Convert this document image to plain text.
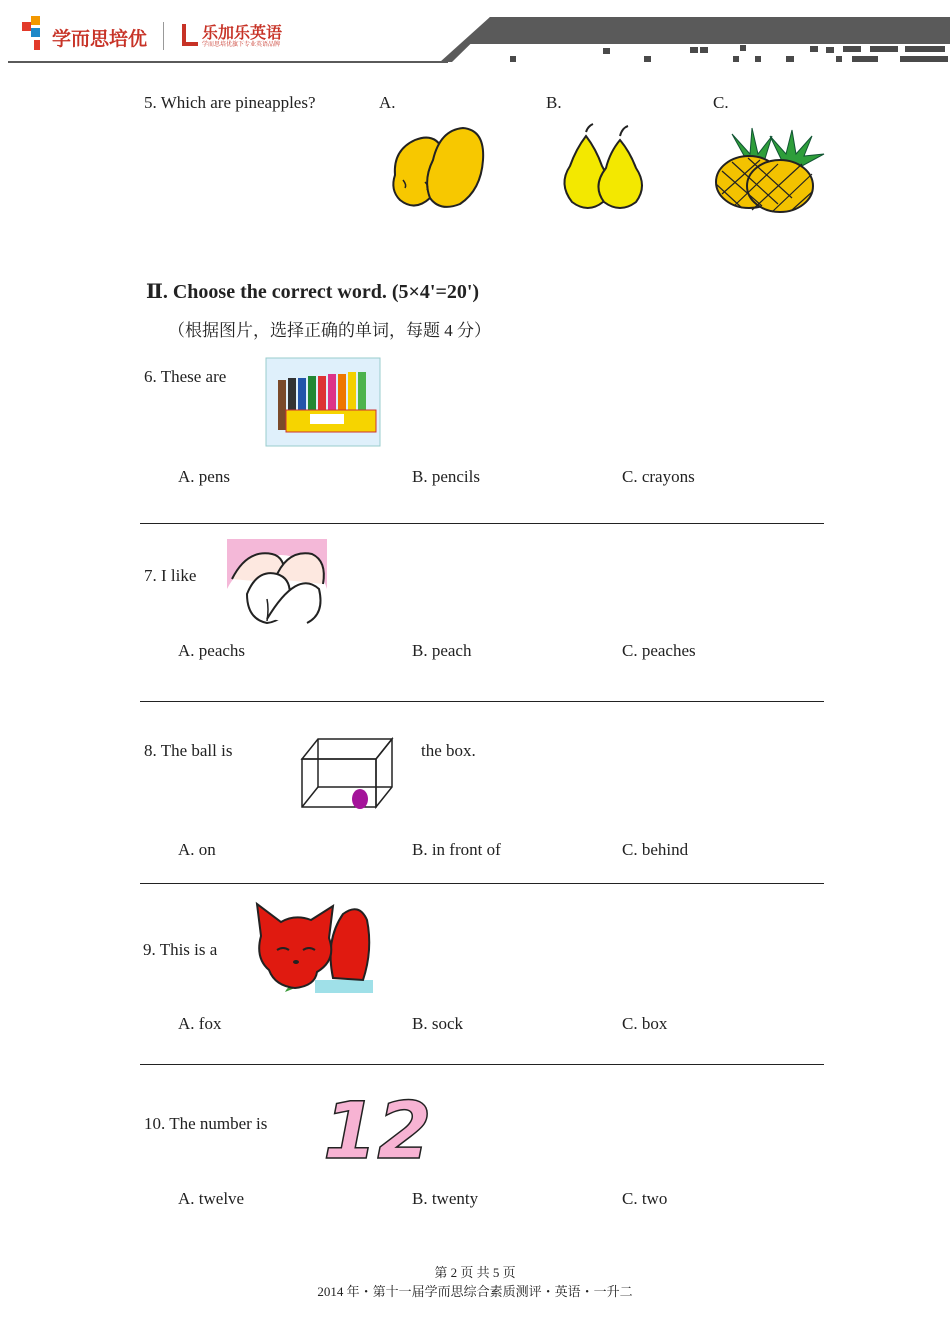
学而思培优	乐加乐英语
学而思培优旗下专业英语品牌
5. Which are pineapples?	A.	B.	C.
Ⅱ. Choose the correct word. (5×4'=20')
（根据图片，选择正确的单词，每题 4 分）
6. These are
A. pens	B. pencils	C. crayons
7. I like
A. peachs	B. peach	C. peaches
8. The ball is	the box.
A. on	B. in front of	C. behind
9. This is a
A. fox	B. sock	C. box
10. The number is 12
A. twelve	B. twenty	C. two
第 2 页 共 5 页
2014 年・第十一届学而思综合素质测评・英语・一升二
